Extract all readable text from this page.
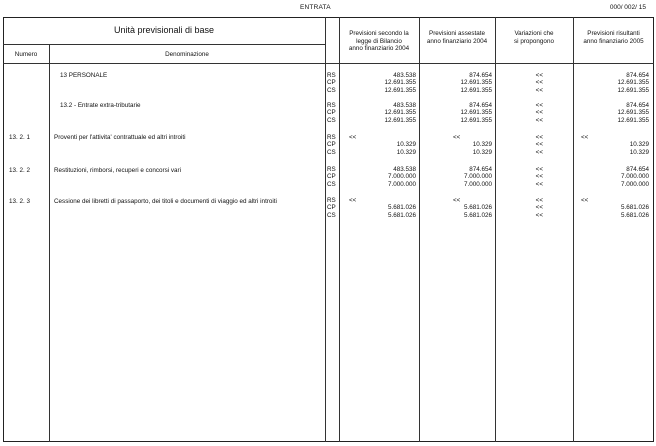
ENTRATA	000/ 002/ 15
Unità previsionali di base
Numero	Denominazione
Previsioni secondo la
legge di Bilancio
anno finanziario 2004
Previsioni assestate
anno finanziario 2004
Variazioni che
si propongono
Previsioni risultanti
anno finanziario 2005
13 PERSONALE	RS	483.538	874.654	<<	874.654
CP	12.691.355	12.691.355	<<	12.691.355
CS	12.691.355	12.691.355	<<	12.691.355
13.2 - Entrate extra-tributarie	RS	483.538	874.654	<<	874.654
CP	12.691.355	12.691.355	<<	12.691.355
CS	12.691.355	12.691.355	<<	12.691.355
13. 2. 1	Proventi per l'attivita' contrattuale ed altri introiti	RS <<	<<	<<	<<
CP	10.329	10.329	<<	10.329
CS	10.329	10.329	<<	10.329
13. 2. 2	Restituzioni, rimborsi, recuperi e concorsi vari	RS	483.538	874.654	<<	874.654
CP	7.000.000	7.000.000	<<	7.000.000
CS	7.000.000	7.000.000	<<	7.000.000
13. 2. 3	Cessione dei libretti di passaporto, dei titoli e documenti di viaggio ed altri introiti	RS <<	<<	<<	<<
CP	5.681.026	5.681.026	<<	5.681.026
CS	5.681.026	5.681.026	<<	5.681.026
